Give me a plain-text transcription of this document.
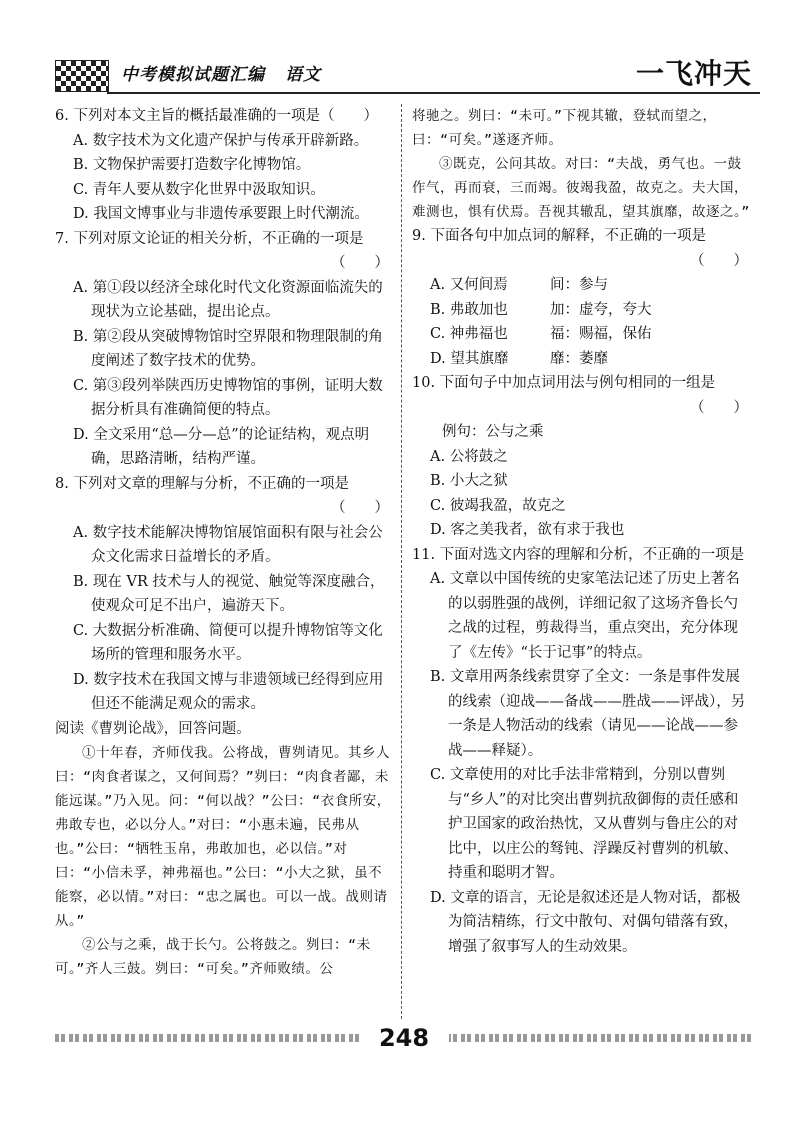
中考模拟试题汇编 语文	一飞冲天
6. 下列对本文主旨的概括最准确的一项是（　　）
A. 数字技术为文化遗产保护与传承开辟新路。
B. 文物保护需要打造数字化博物馆。
C. 青年人要从数字化世界中汲取知识。
D. 我国文博事业与非遗传承要跟上时代潮流。
7. 下列对原文论证的相关分析，不正确的一项是
（　　）
A. 第①段以经济全球化时代文化资源面临流失的现状为立论基础，提出论点。
B. 第②段从突破博物馆时空界限和物理限制的角度阐述了数字技术的优势。
C. 第③段列举陕西历史博物馆的事例，证明大数据分析具有准确简便的特点。
D. 全文采用“总—分—总”的论证结构，观点明确，思路清晰，结构严谨。
8. 下列对文章的理解与分析，不正确的一项是
（　　）
A. 数字技术能解决博物馆展馆面积有限与社会公众文化需求日益增长的矛盾。
B. 现在 VR 技术与人的视觉、触觉等深度融合，使观众可足不出户，遍游天下。
C. 大数据分析准确、简便可以提升博物馆等文化场所的管理和服务水平。
D. 数字技术在我国文博与非遗领域已经得到应用但还不能满足观众的需求。
阅读《曹刿论战》，回答问题。

①十年春，齐师伐我。公将战，曹刿请见。其乡人曰：“肉食者谋之，又何间焉？”刿曰：“肉食者鄙，未能远谋。”乃入见。问：“何以战？”公曰：“衣食所安，弗敢专也，必以分人。”对曰：“小惠未遍，民弗从也。”公曰：“牺牲玉帛，弗敢加也，必以信。”对曰：“小信未孚，神弗福也。”公曰：“小大之狱，虽不能察，必以情。”对曰：“忠之属也。可以一战。战则请从。”

②公与之乘，战于长勺。公将鼓之。刿曰：“未可。”齐人三鼓。刿曰：“可矣。”齐师败绩。公

将驰之。刿曰：“未可。”下视其辙，登轼而望之，曰：“可矣。”遂逐齐师。

③既克，公问其故。对曰：“夫战，勇气也。一鼓作气，再而衰，三而竭。彼竭我盈，故克之。夫大国，难测也，惧有伏焉。吾视其辙乱，望其旗靡，故逐之。”

9. 下面各句中加点词的解释，不正确的一项是
（　　）
A. 又何间焉	间：参与
B. 弗敢加也	加：虚夸，夸大
C. 神弗福也	福：赐福，保佑
D. 望其旗靡	靡：萎靡
10. 下面句子中加点词用法与例句相同的一组是
（　　）
例句：公与之乘
A. 公将鼓之
B. 小大之狱
C. 彼竭我盈，故克之
D. 客之美我者，欲有求于我也
11. 下面对选文内容的理解和分析，不正确的一项是
A. 文章以中国传统的史家笔法记述了历史上著名的以弱胜强的战例，详细记叙了这场齐鲁长勺之战的过程，剪裁得当，重点突出，充分体现了《左传》“长于记事”的特点。
B. 文章用两条线索贯穿了全文：一条是事件发展的线索（迎战——备战——胜战——评战），另一条是人物活动的线索（请见——论战——参战——释疑）。
C. 文章使用的对比手法非常精到，分别以曹刿与“乡人”的对比突出曹刿抗敌御侮的责任感和护卫国家的政治热忱，又从曹刿与鲁庄公的对比中，以庄公的驽钝、浮躁反衬曹刿的机敏、持重和聪明才智。
D. 文章的语言，无论是叙述还是人物对话，都极为简洁精练，行文中散句、对偶句错落有致，增强了叙事写人的生动效果。
248
